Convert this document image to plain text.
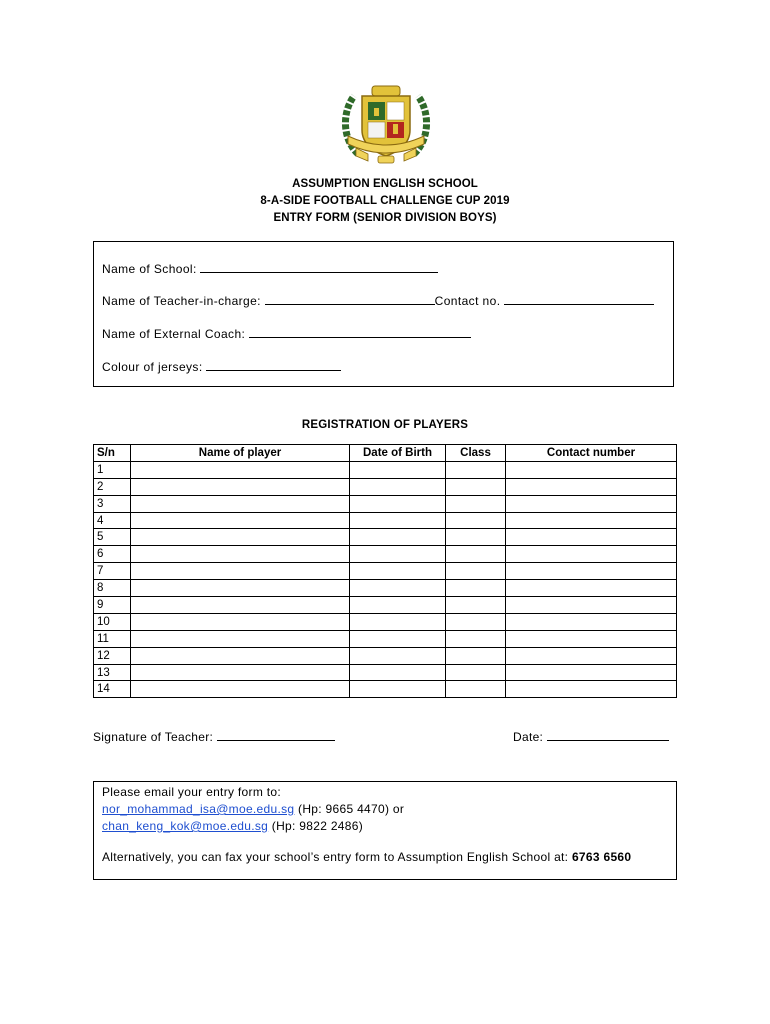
ASSUMPTION ENGLISH SCHOOL
8-A-SIDE FOOTBALL CHALLENGE CUP 2019
ENTRY FORM (SENIOR DIVISION BOYS)
Name of School:
Name of Teacher-in-charge:	Contact no.
Name of External Coach:
Colour of jerseys:
REGISTRATION OF PLAYERS
S/n	Name of player	Date of Birth	Class	Contact number
1				
2				
3				
4				
5				
6				
7				
8				
9				
10				
11				
12				
13				
14				
Signature of Teacher:	Date:
Please email your entry form to:
nor_mohammad_isa@moe.edu.sg (Hp: 9665 4470) or
chan_keng_kok@moe.edu.sg (Hp: 9822 2486)
Alternatively, you can fax your school’s entry form to Assumption English School at: 6763 6560
